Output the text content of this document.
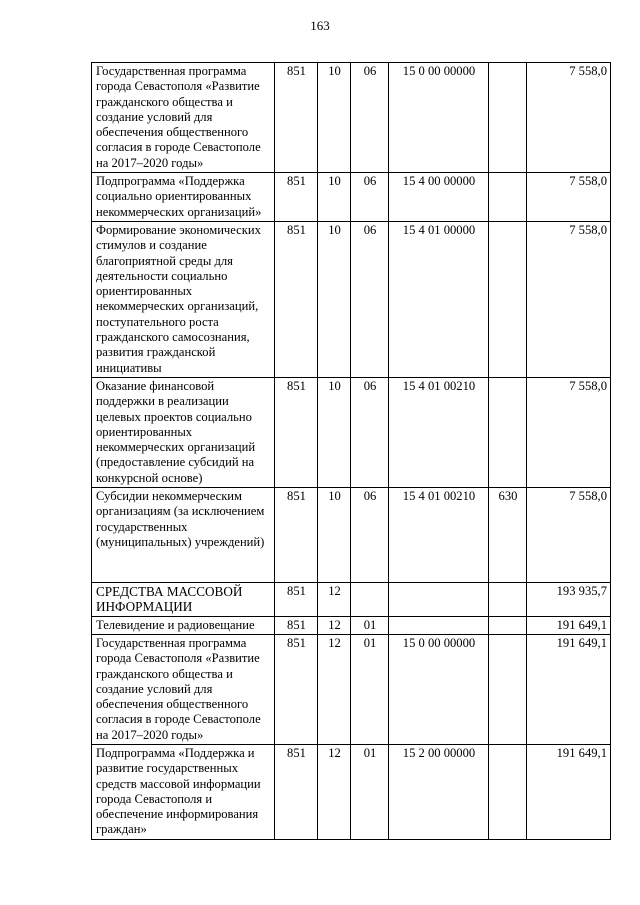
163
Государственная программа города Севастополя «Развитие гражданского общества и создание условий для обеспечения общественного согласия в городе Севастополе на 2017–2020 годы»	851	10	06	15 0 00 00000		7 558,0
Подпрограмма «Поддержка социально ориентированных некоммерческих организаций»	851	10	06	15 4 00 00000		7 558,0
Формирование экономических стимулов и создание благоприятной среды для деятельности социально ориентированных некоммерческих организаций, поступательного роста гражданского самосознания, развития гражданской инициативы	851	10	06	15 4 01 00000		7 558,0
Оказание финансовой поддержки в реализации целевых проектов социально ориентированных некоммерческих организаций (предоставление субсидий на конкурсной основе)	851	10	06	15 4 01 00210		7 558,0
Субсидии некоммерческим организациям (за исключением государственных (муниципальных) учреждений)	851	10	06	15 4 01 00210	630	7 558,0
СРЕДСТВА МАССОВОЙ ИНФОРМАЦИИ	851	12				193 935,7
Телевидение и радиовещание	851	12	01			191 649,1
Государственная программа города Севастополя «Развитие гражданского общества и создание условий для обеспечения общественного согласия в городе Севастополе на 2017–2020 годы»	851	12	01	15 0 00 00000		191 649,1
Подпрограмма «Поддержка и развитие государственных средств массовой информации города Севастополя и обеспечение информирования граждан»	851	12	01	15 2 00 00000		191 649,1
